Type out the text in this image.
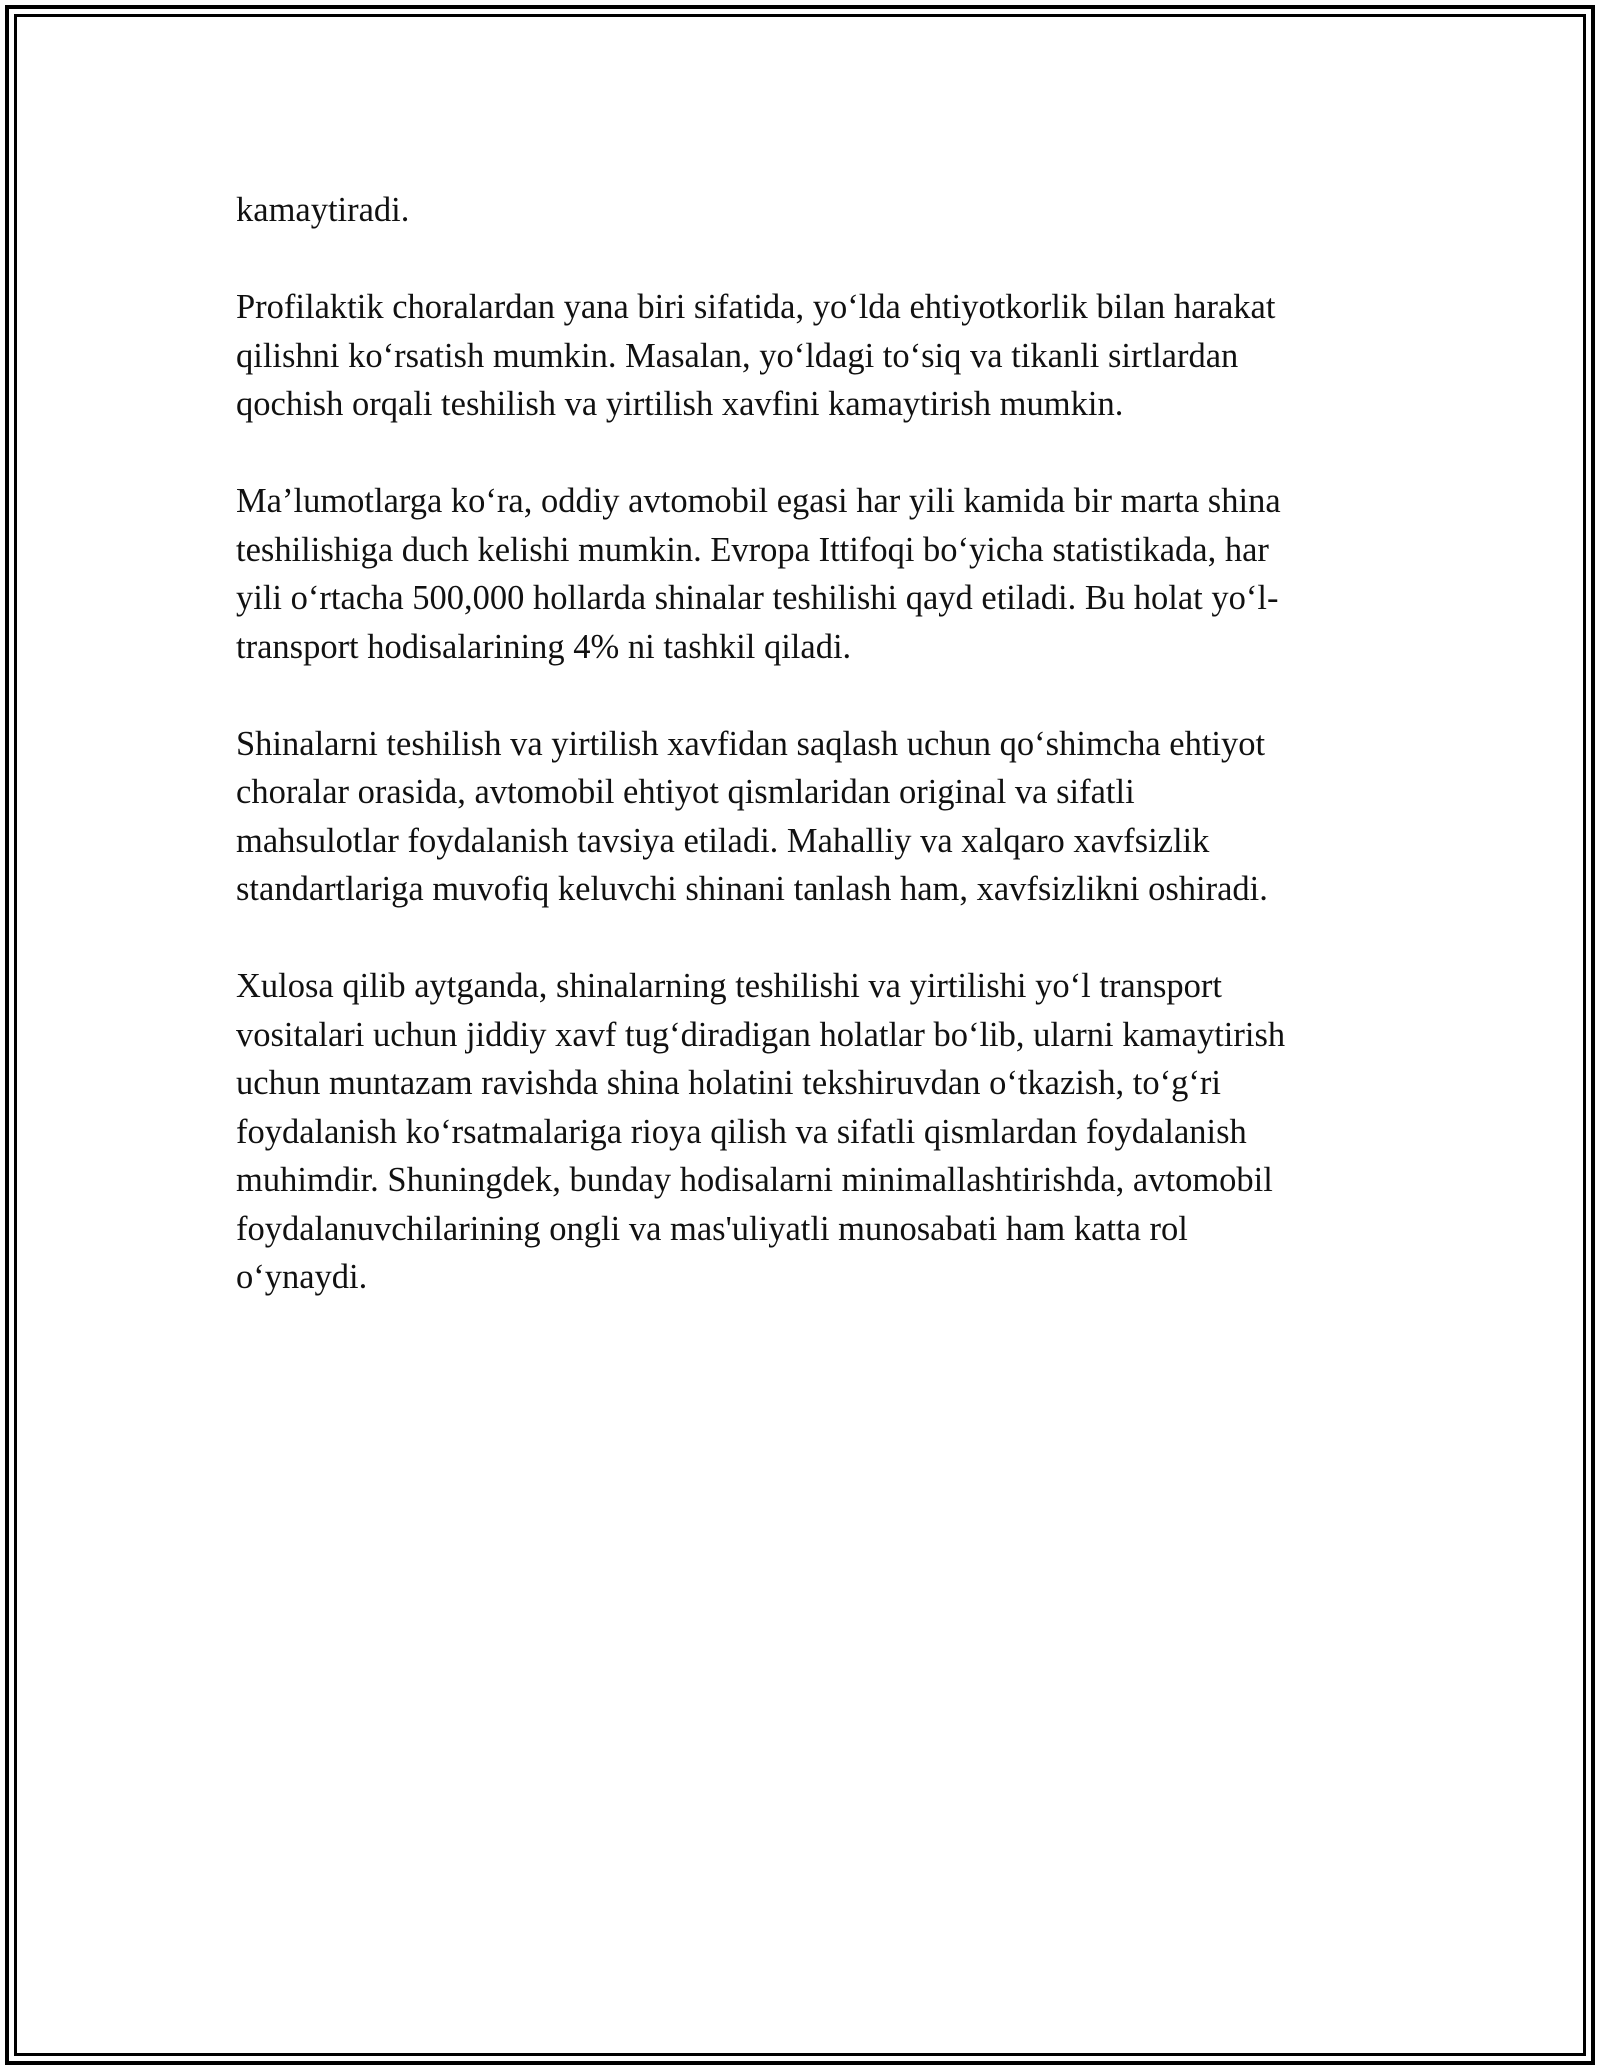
kamaytiradi.

Profilaktik choralardan yana biri sifatida, yo‘lda ehtiyotkorlik bilan harakat
qilishni ko‘rsatish mumkin. Masalan, yo‘ldagi to‘siq va tikanli sirtlardan
qochish orqali teshilish va yirtilish xavfini kamaytirish mumkin.

Ma’lumotlarga ko‘ra, oddiy avtomobil egasi har yili kamida bir marta shina
teshilishiga duch kelishi mumkin. Evropa Ittifoqi bo‘yicha statistikada, har
yili o‘rtacha 500,000 hollarda shinalar teshilishi qayd etiladi. Bu holat yo‘l-
transport hodisalarining 4% ni tashkil qiladi.

Shinalarni teshilish va yirtilish xavfidan saqlash uchun qo‘shimcha ehtiyot
choralar orasida, avtomobil ehtiyot qismlaridan original va sifatli
mahsulotlar foydalanish tavsiya etiladi. Mahalliy va xalqaro xavfsizlik
standartlariga muvofiq keluvchi shinani tanlash ham, xavfsizlikni oshiradi.

Xulosa qilib aytganda, shinalarning teshilishi va yirtilishi yo‘l transport
vositalari uchun jiddiy xavf tug‘diradigan holatlar bo‘lib, ularni kamaytirish
uchun muntazam ravishda shina holatini tekshiruvdan o‘tkazish, to‘g‘ri
foydalanish ko‘rsatmalariga rioya qilish va sifatli qismlardan foydalanish
muhimdir. Shuningdek, bunday hodisalarni minimallashtirishda, avtomobil
foydalanuvchilarining ongli va mas'uliyatli munosabati ham katta rol
o‘ynaydi.
